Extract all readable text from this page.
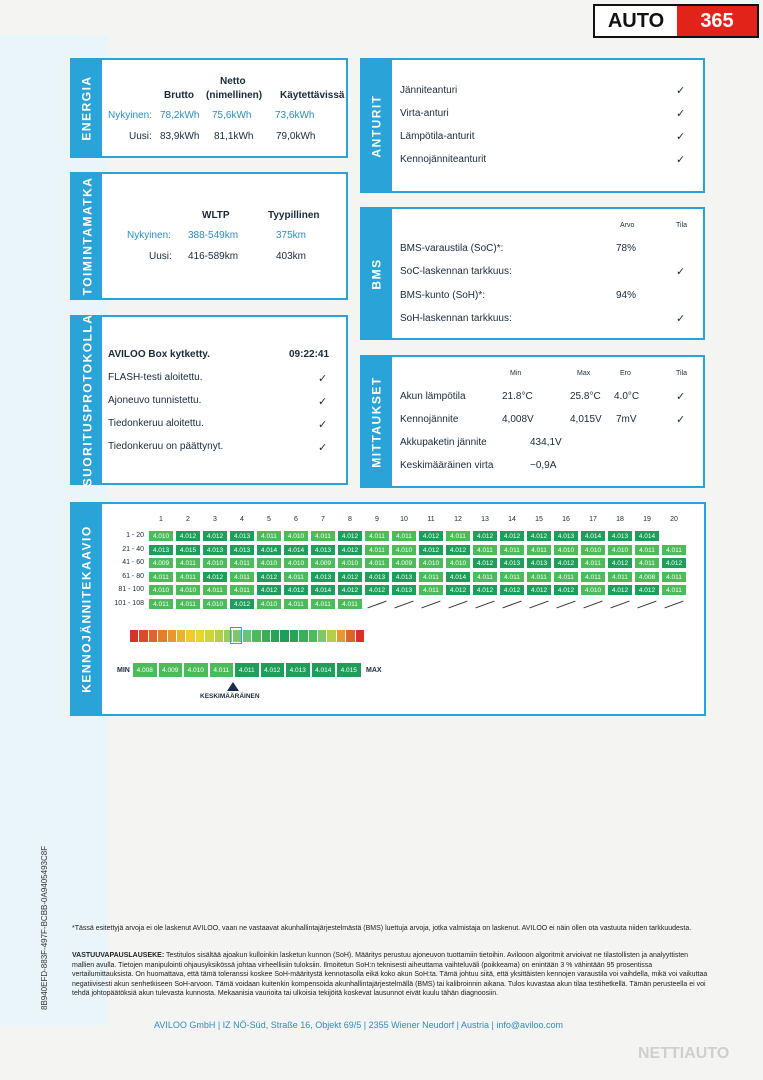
AUTO	365
ENERGIA	Netto
Brutto (nimellinen) Käytettävissä
Nykyinen: 78,2kWh 75,6kWh 73,6kWh
Uusi: 83,9kWh 81,1kWh 79,0kWh	ANTURIT
Jänniteanturi	✓
Virta-anturi	✓
Lämpötila-anturit	✓
Kennojänniteanturit	✓
TOIMINTAMATKA	WLTP	Tyypillinen
Nykyinen: 388-549km	375km
Uusi: 416-589km	403km
BMS
Arvo	Tila
BMS-varaustila (SoC)*:	78%
SoC-laskennan tarkkuus:	✓
BMS-kunto (SoH)*:	94%
SoH-laskennan tarkkuus:	✓
SUORITUSPROTOKOLLA AVILOO Box kytketty.	09:22:41
FLASH-testi aloitettu.	✓
Ajoneuvo tunnistettu.	✓
Tiedonkeruu aloitettu.	✓
Tiedonkeruu on päättynyt.	✓	MITTAUKSET
Min	Max	Ero	Tila
Akun lämpötila	21.8°C	25.8°C 4.0°C	✓
Kennojännite	4,008V	4,015V 7mV	✓
Akkupaketin jännite	434,1V
Keskimääräinen virta	−0,9A
KENNOJÄNNITEKAAVIO
1	2	3	4	5	6	7	8	9	10	11	12	13	14	15	16	17	18	19	20
1 - 20	4.010	4.012	4.012	4.013	4.011	4.010	4.011	4.012	4.011	4.011	4.012	4.011	4.012	4.012	4.012	4.013	4.014	4.013	4.014
21 - 40	4.013	4.015	4.013	4.013	4.014	4.014	4.013	4.012	4.011	4.010	4.012	4.012	4.011	4.011	4.011	4.010	4.010	4.010	4.011	4.011
41 - 60	4.009	4.011	4.010	4.011	4.010	4.010	4.009	4.010	4.011	4.009	4.010	4.010	4.012	4.013	4.013	4.012	4.011	4.012	4.011	4.012
61 - 80	4.011	4.011	4.012	4.011	4.012	4.011	4.013	4.012	4.013	4.013	4.011	4.014	4.011	4.011	4.011	4.011	4.011	4.011	4.008	4.011
81 - 100	4.010	4.010	4.011	4.011	4.012	4.012	4.014	4.012	4.012	4.013	4.011	4.012	4.012	4.012	4.012	4.012	4.010	4.012	4.012	4.011
101 - 108	4.011	4.011	4.010	4.012	4.010	4.011	4.011	4.011
MIN	4.008	4.009	4.010	4.011	4.011	4.012	4.013	4.014	4.015	MAX
KESKIMÄÄRÄINEN
8B940EFD-883F-497F-BCBB-0A9405493C8F	*Tässä esitettyjä arvoja ei ole laskenut AVILOO, vaan ne vastaavat akunhallintajärjestelmästä (BMS) luettuja arvoja, jotka valmistaja on laskenut. AVILOO ei näin ollen ota vastuuta niiden tarkkuudesta.
VASTUUVAPAUSLAUSEKE: Testitulos sisältää ajoakun kulloinkin lasketun kunnon (SoH). Määritys perustuu ajoneuvon tuottamiin tietoihin. Avilooon algoritmit arvioivat ne tilastollisten ja analyyttisten mallien avulla. Tietojen manipulointi ohjausyksikössä johtaa virheellisiin tuloksiin. Ilmoitetun SoH:n teknisesti aiheuttama vaihteluväli (poikkeama) on enintään 3 % vähintään 95 prosentissa vertailumittauksista. On huomattava, että tämä toleranssi koskee SoH-määritystä kennotasolla eikä koko akun SoH:ta. Tämä johtuu siitä, että yksittäisten kennojen varaustila voi vaihdella, mikä voi vaikuttaa negatiivisesti akun senhetkiseen SoH-arvoon. Tämä voidaan kuitenkin kompensoida akunhallintajärjestelmällä (BMS) tai kalibroinnin aikana. Tulos kuvastaa akun tilaa testihetkellä. Tämän perusteella ei voi tehdä johtopäätöksiä akun tulevasta kunnosta. Mekaanisia vaurioita tai ulkoisia tekijöitä koskevat lausunnot eivät kuulu tähän diagnoosiin.
AVILOO GmbH | IZ NÖ-Süd, Straße 16, Objekt 69/5 | 2355 Wiener Neudorf | Austria | info@aviloo.com
NETTIAUTO
